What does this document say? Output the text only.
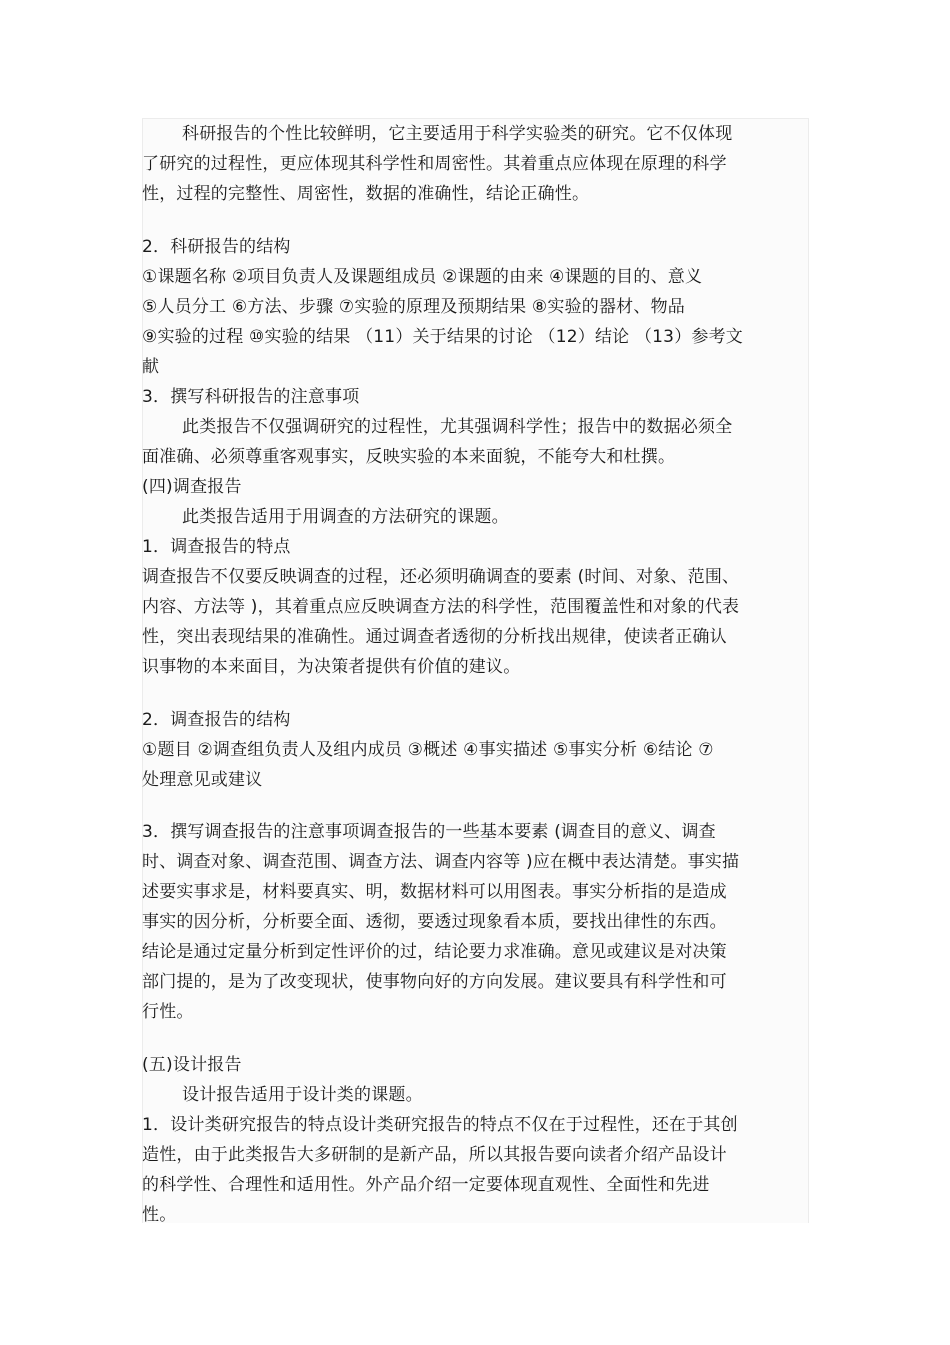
科研报告的个性比较鲜明，它主要适用于科学实验类的研究。它不仅体现
了研究的过程性，更应体现其科学性和周密性。其着重点应体现在原理的科学
性，过程的完整性、周密性，数据的准确性，结论正确性。
2．科研报告的结构
①课题名称 ②项目负责人及课题组成员 ②课题的由来 ④课题的目的、意义
⑤人员分工 ⑥方法、步骤 ⑦实验的原理及预期结果 ⑧实验的器材、物品
⑨实验的过程 ⑩实验的结果 （11）关于结果的讨论 （12）结论 （13）参考文
献
3．撰写科研报告的注意事项
此类报告不仅强调研究的过程性，尤其强调科学性；报告中的数据必须全
面准确、必须尊重客观事实，反映实验的本来面貌，不能夸大和杜撰。
(四)调查报告
此类报告适用于用调查的方法研究的课题。
1．调查报告的特点
调查报告不仅要反映调查的过程，还必须明确调查的要素 (时间、对象、范围、
内容、方法等 )，其着重点应反映调查方法的科学性，范围覆盖性和对象的代表
性，突出表现结果的准确性。通过调查者透彻的分析找出规律，使读者正确认
识事物的本来面目，为决策者提供有价值的建议。
2．调查报告的结构
①题目 ②调查组负责人及组内成员 ③概述 ④事实描述 ⑤事实分析 ⑥结论 ⑦
处理意见或建议
3．撰写调查报告的注意事项调查报告的一些基本要素 (调查目的意义、调查
时、调查对象、调查范围、调查方法、调查内容等 )应在概中表达清楚。事实描
述要实事求是，材料要真实、明，数据材料可以用图表。事实分析指的是造成
事实的因分析，分析要全面、透彻，要透过现象看本质，要找出律性的东西。
结论是通过定量分析到定性评价的过，结论要力求准确。意见或建议是对决策
部门提的，是为了改变现状，使事物向好的方向发展。建议要具有科学性和可
行性。
(五)设计报告
设计报告适用于设计类的课题。
1．设计类研究报告的特点设计类研究报告的特点不仅在于过程性，还在于其创
造性，由于此类报告大多研制的是新产品，所以其报告要向读者介绍产品设计
的科学性、合理性和适用性。外产品介绍一定要体现直观性、全面性和先进
性。
